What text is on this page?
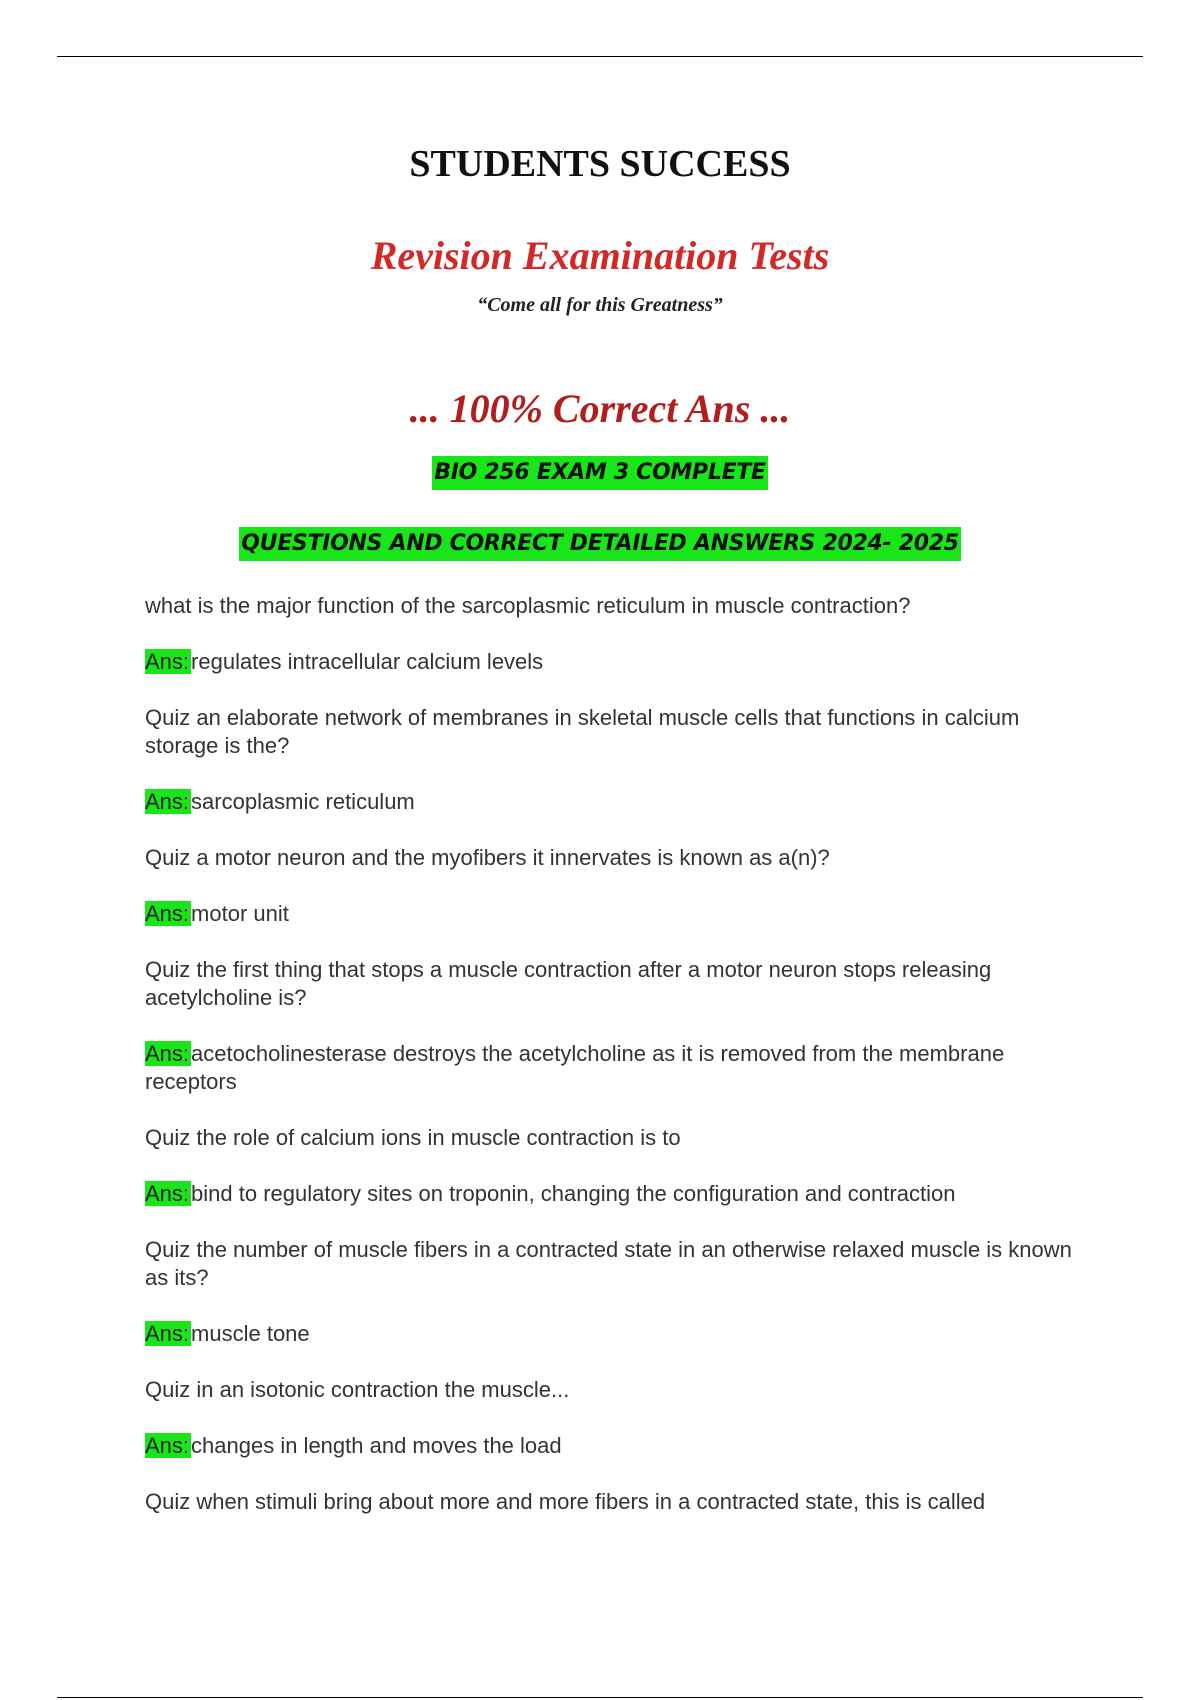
STUDENTS SUCCESS
Revision Examination Tests
“Come all for this Greatness”
... 100% Correct Ans ...
BIO 256 EXAM 3 COMPLETE
QUESTIONS AND CORRECT DETAILED ANSWERS 2024- 2025
what is the major function of the sarcoplasmic reticulum in muscle contraction?
Ans:regulates intracellular calcium levels
Quiz an elaborate network of membranes in skeletal muscle cells that functions in calcium storage is the?
Ans:sarcoplasmic reticulum
Quiz a motor neuron and the myofibers it innervates is known as a(n)?
Ans:motor unit
Quiz the first thing that stops a muscle contraction after a motor neuron stops releasing acetylcholine is?
Ans:acetocholinesterase destroys the acetylcholine as it is removed from the membrane receptors
Quiz the role of calcium ions in muscle contraction is to
Ans:bind to regulatory sites on troponin, changing the configuration and contraction
Quiz the number of muscle fibers in a contracted state in an otherwise relaxed muscle is known as its?
Ans:muscle tone
Quiz in an isotonic contraction the muscle...
Ans:changes in length and moves the load
Quiz when stimuli bring about more and more fibers in a contracted state, this is called
